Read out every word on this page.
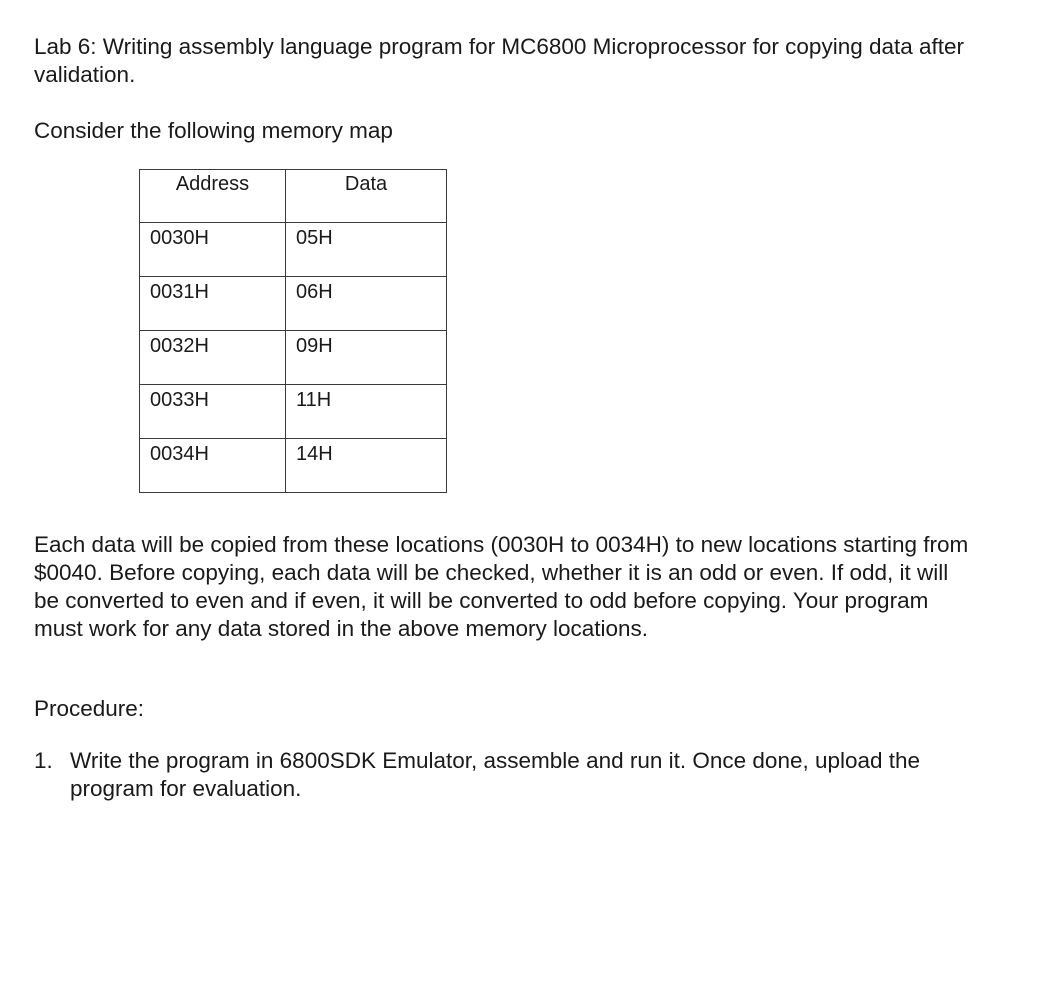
Lab 6: Writing assembly language program for MC6800 Microprocessor for copying data after
validation.
Consider the following memory map
Address	Data
0030H	05H
0031H	06H
0032H	09H
0033H	11H
0034H	14H
Each data will be copied from these locations (0030H to 0034H) to new locations starting from
$0040. Before copying, each data will be checked, whether it is an odd or even. If odd, it will
be converted to even and if even, it will be converted to odd before copying. Your program
must work for any data stored in the above memory locations.
Procedure:
1. Write the program in 6800SDK Emulator, assemble and run it. Once done, upload the
program for evaluation.
